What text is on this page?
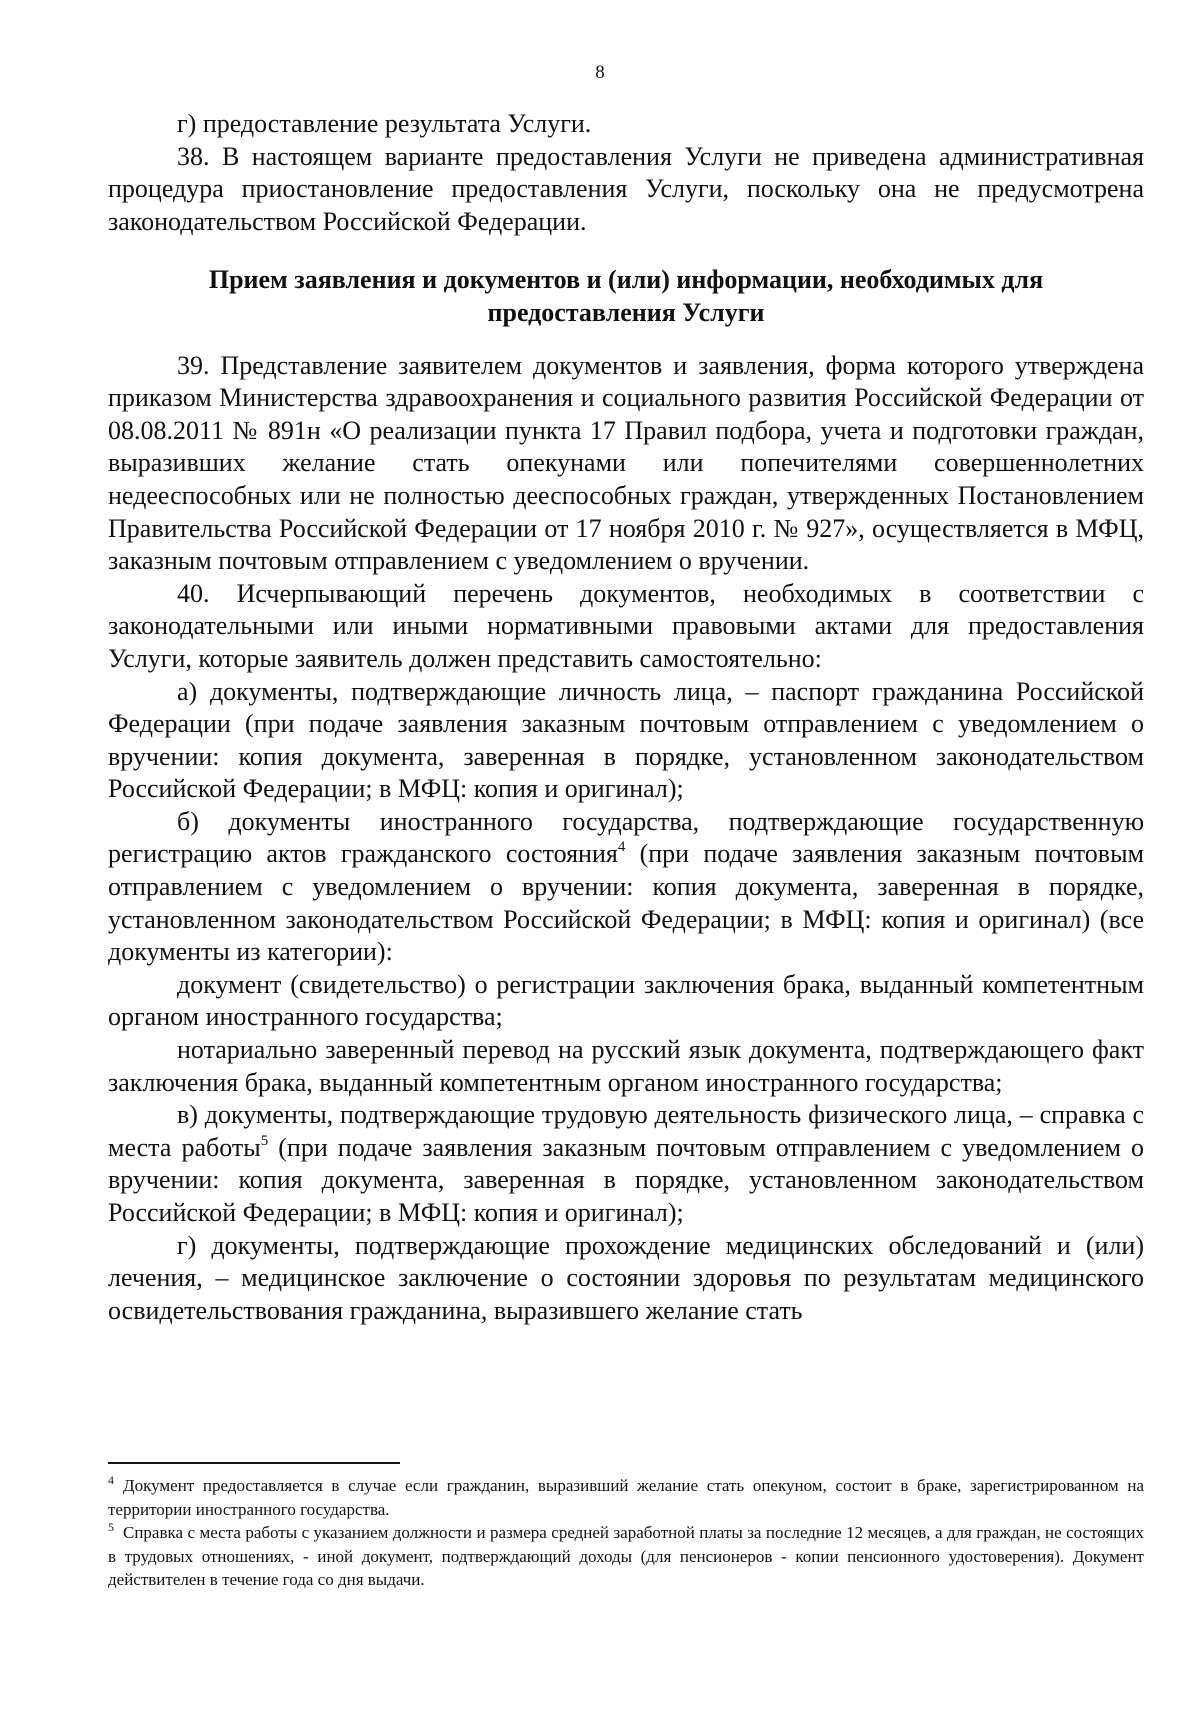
8

г) предоставление результата Услуги.

38. В настоящем варианте предоставления Услуги не приведена административная процедура приостановление предоставления Услуги, поскольку она не предусмотрена законодательством Российской Федерации.

Прием заявления и документов и (или) информации, необходимых для предоставления Услуги

39. Представление заявителем документов и заявления, форма которого утверждена приказом Министерства здравоохранения и социального развития Российской Федерации от 08.08.2011 № 891н «О реализации пункта 17 Правил подбора, учета и подготовки граждан, выразивших желание стать опекунами или попечителями совершеннолетних недееспособных или не полностью дееспособных граждан, утвержденных Постановлением Правительства Российской Федерации от 17 ноября 2010 г. № 927», осуществляется в МФЦ, заказным почтовым отправлением с уведомлением о вручении.

40. Исчерпывающий перечень документов, необходимых в соответствии с законодательными или иными нормативными правовыми актами для предоставления Услуги, которые заявитель должен представить самостоятельно:

а) документы, подтверждающие личность лица, – паспорт гражданина Российской Федерации (при подаче заявления заказным почтовым отправлением с уведомлением о вручении: копия документа, заверенная в порядке, установленном законодательством Российской Федерации; в МФЦ: копия и оригинал);

б) документы иностранного государства, подтверждающие государственную регистрацию актов гражданского состояния$^4$ (при подаче заявления заказным почтовым отправлением с уведомлением о вручении: копия документа, заверенная в порядке, установленном законодательством Российской Федерации; в МФЦ: копия и оригинал) (все документы из категории):

документ (свидетельство) о регистрации заключения брака, выданный компетентным органом иностранного государства;

нотариально заверенный перевод на русский язык документа, подтверждающего факт заключения брака, выданный компетентным органом иностранного государства;

в) документы, подтверждающие трудовую деятельность физического лица, – справка с места работы$^5$ (при подаче заявления заказным почтовым отправлением с уведомлением о вручении: копия документа, заверенная в порядке, установленном законодательством Российской Федерации; в МФЦ: копия и оригинал);

г) документы, подтверждающие прохождение медицинских обследований и (или) лечения, – медицинское заключение о состоянии здоровья по результатам медицинского освидетельствования гражданина, выразившего желание стать

$^4$ Документ предоставляется в случае если гражданин, выразивший желание стать опекуном, состоит в браке, зарегистрированном на территории иностранного государства.

$^5$ Справка с места работы с указанием должности и размера средней заработной платы за последние 12 месяцев, а для граждан, не состоящих в трудовых отношениях, - иной документ, подтверждающий доходы (для пенсионеров - копии пенсионного удостоверения). Документ действителен в течение года со дня выдачи.
